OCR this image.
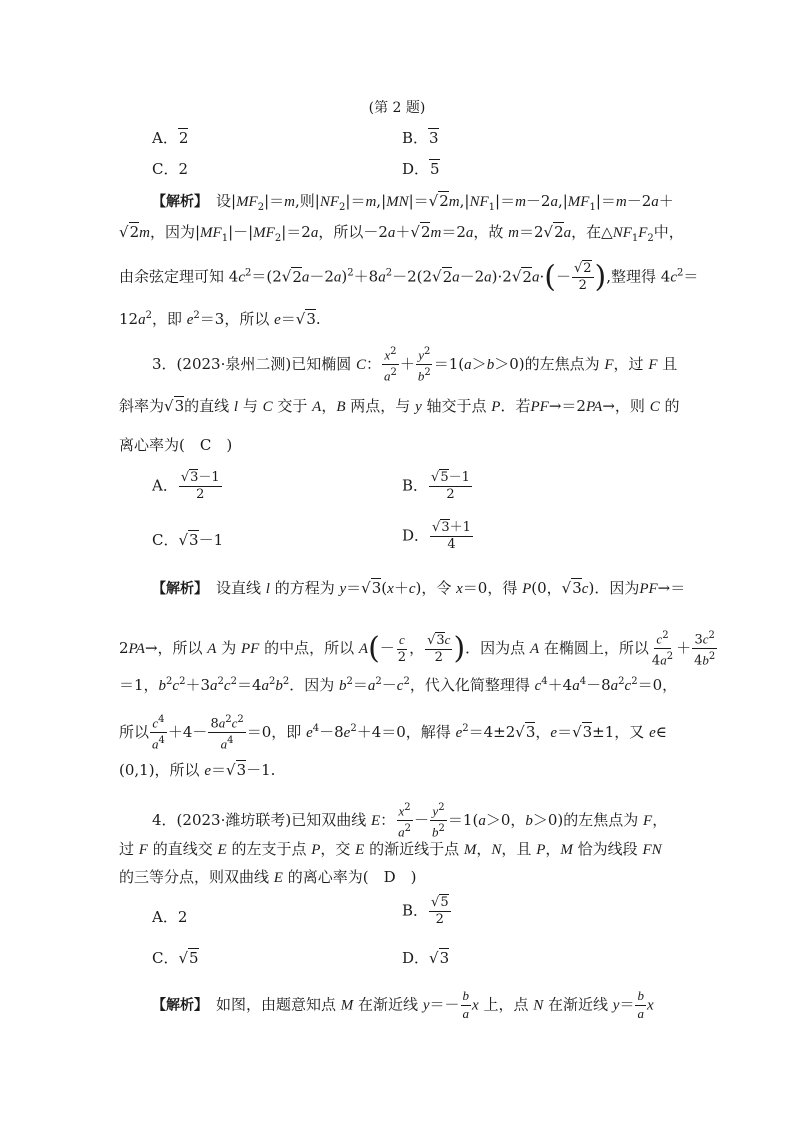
(第 2 题)
A．2	B．3
C．2	D．5
【解析】　设$|MF_2|=m$,则$|NF_2|=m,|MN|=√2m,|NF_1|=m-2a,|MF_1|=m-2a+$
√2m，因为$|MF_1|-|MF_2|=2a$，所以－2a＋√2m＝2a，故 m＝2√2a，在$\triangle NF_1F_2$中，
由余弦定理可知 $4c^2=(2√2a-2a)^2+8a^2-2(2√2a-2a)\cdot 2√2a\cdot(- \frac{√2}{2}$ ),整理得 $4c^2=$
$12a^2$，即 $e^2=3$，所以 e＝√3.
3．(2023·泉州二测)已知椭圆 C： $\frac{x^2}{a^2} + \frac{y^2}{b^2} =1(a>b>0)$的左焦点为 F，过 F 且
斜率为√3的直线 l 与 C 交于 A，B 两点，与 y 轴交于点 P．若PF→＝2PA→，则 C 的
离心率为(　C　)
A． $\frac{√3-1}{2}$	B． $\frac{√5-1}{2}$
C．√3－1	D． $\frac{√3+1}{4}$
【解析】　设直线 l 的方程为 y＝√3(x＋c)，令 x＝0，得 P(0，√3c)．因为PF→＝
2PA→，所以 A 为 PF 的中点，所以 $A(- \frac{c}{2}$ ， $\frac{√3c}{2}$ )．因为点 A 在椭圆上，所以 $\frac{c^2}{4a^2} + \frac{3c^2}{4b^2}$
＝1，$b^2c^2+3a^2c^2=4a^2b^2$．因为 $b^2=a^2-c^2$，代入化简整理得 $c^4+4a^4-8a^2c^2=0$，
所以 $\frac{c^4}{a^4} +4- \frac{8a^2c^2}{a^4} =0$，即 $e^4-8e^2+4=0$，解得 $e^2=4\pm 2√3$，e＝√3±1，又 e∈
(0,1)，所以 e＝√3－1.
4．(2023·潍坊联考)已知双曲线 E： $\frac{x^2}{a^2} - \frac{y^2}{b^2} =1(a>0$，b＞0)的左焦点为 F，
过 F 的直线交 E 的左支于点 P，交 E 的渐近线于点 M，N，且 P，M 恰为线段 FN
的三等分点，则双曲线 E 的离心率为(　D　)
A．2	B． $\frac{√5}{2}$
C．√5	D．√3
【解析】　如图，由题意知点 M 在渐近线 $y=- \frac{b}{a}$ x 上，点 N 在渐近线 $y= \frac{b}{a}$ x
